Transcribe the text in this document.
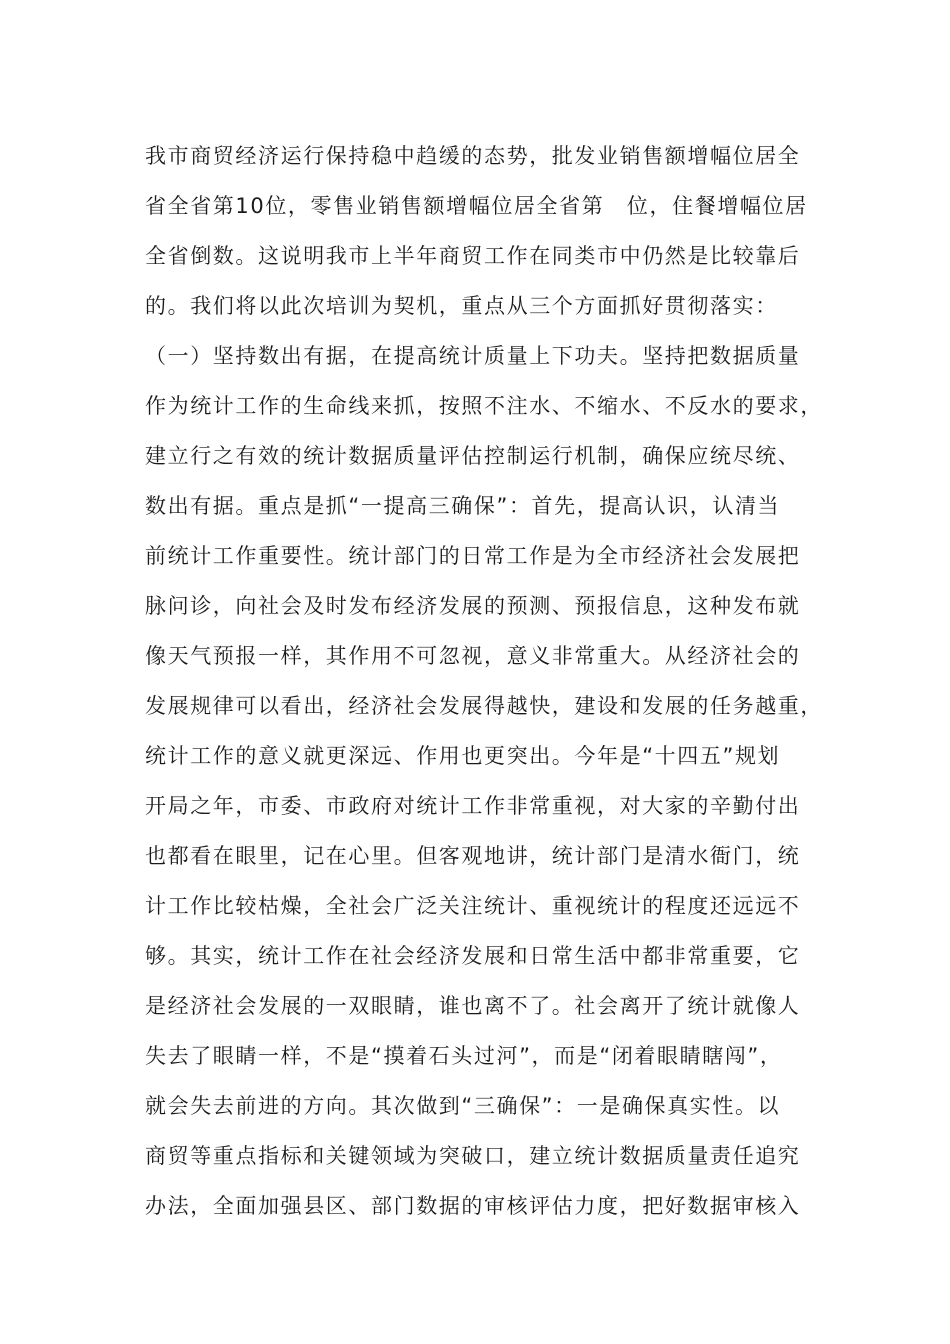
我市商贸经济运行保持稳中趋缓的态势，批发业销售额增幅位居全
省全省第10位，零售业销售额增幅位居全省第　位，住餐增幅位居
全省倒数。这说明我市上半年商贸工作在同类市中仍然是比较靠后
的。我们将以此次培训为契机，重点从三个方面抓好贯彻落实：
（一）坚持数出有据，在提高统计质量上下功夫。坚持把数据质量
作为统计工作的生命线来抓，按照不注水、不缩水、不反水的要求，
建立行之有效的统计数据质量评估控制运行机制，确保应统尽统、
数出有据。重点是抓“一提高三确保”：首先，提高认识，认清当
前统计工作重要性。统计部门的日常工作是为全市经济社会发展把
脉问诊，向社会及时发布经济发展的预测、预报信息，这种发布就
像天气预报一样，其作用不可忽视，意义非常重大。从经济社会的
发展规律可以看出，经济社会发展得越快，建设和发展的任务越重，
统计工作的意义就更深远、作用也更突出。今年是“十四五”规划
开局之年，市委、市政府对统计工作非常重视，对大家的辛勤付出
也都看在眼里，记在心里。但客观地讲，统计部门是清水衙门，统
计工作比较枯燥，全社会广泛关注统计、重视统计的程度还远远不
够。其实，统计工作在社会经济发展和日常生活中都非常重要，它
是经济社会发展的一双眼睛，谁也离不了。社会离开了统计就像人
失去了眼睛一样，不是“摸着石头过河”，而是“闭着眼睛瞎闯”，
就会失去前进的方向。其次做到“三确保”：一是确保真实性。以
商贸等重点指标和关键领域为突破口，建立统计数据质量责任追究
办法，全面加强县区、部门数据的审核评估力度，把好数据审核入
